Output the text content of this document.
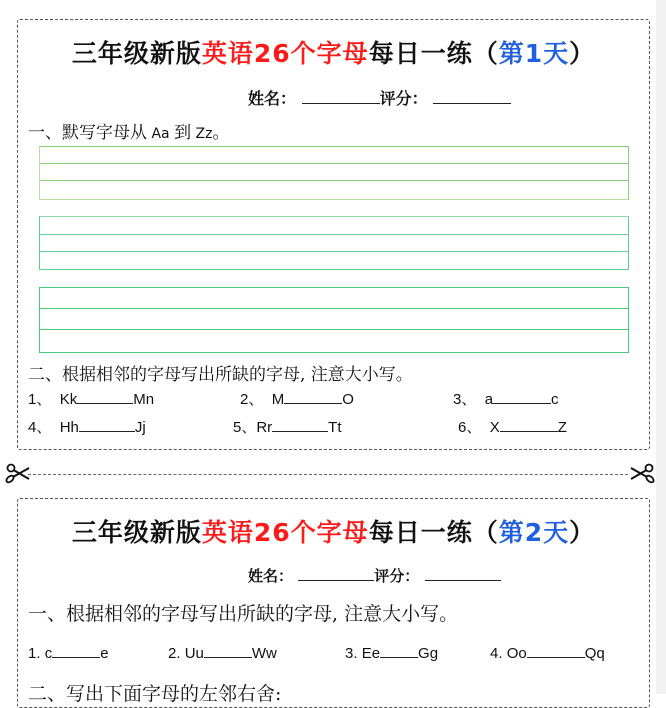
三年级新版英语26个字母每日一练（第1天）
姓名：	评分：
一、默写字母从 Aa 到 Zz。
二、根据相邻的字母写出所缺的字母, 注意大小写。
1、 Kk	Mn	2、 M	O	3、 a	c
4、 Hh	Jj	5、Rr	Tt	6、 X	Z
三年级新版英语26个字母每日一练（第2天）
姓名：	评分：
一、根据相邻的字母写出所缺的字母, 注意大小写。
1. c	e	2. Uu	Ww	3. Ee	Gg	4. Oo	Qq
二、写出下面字母的左邻右舍:
